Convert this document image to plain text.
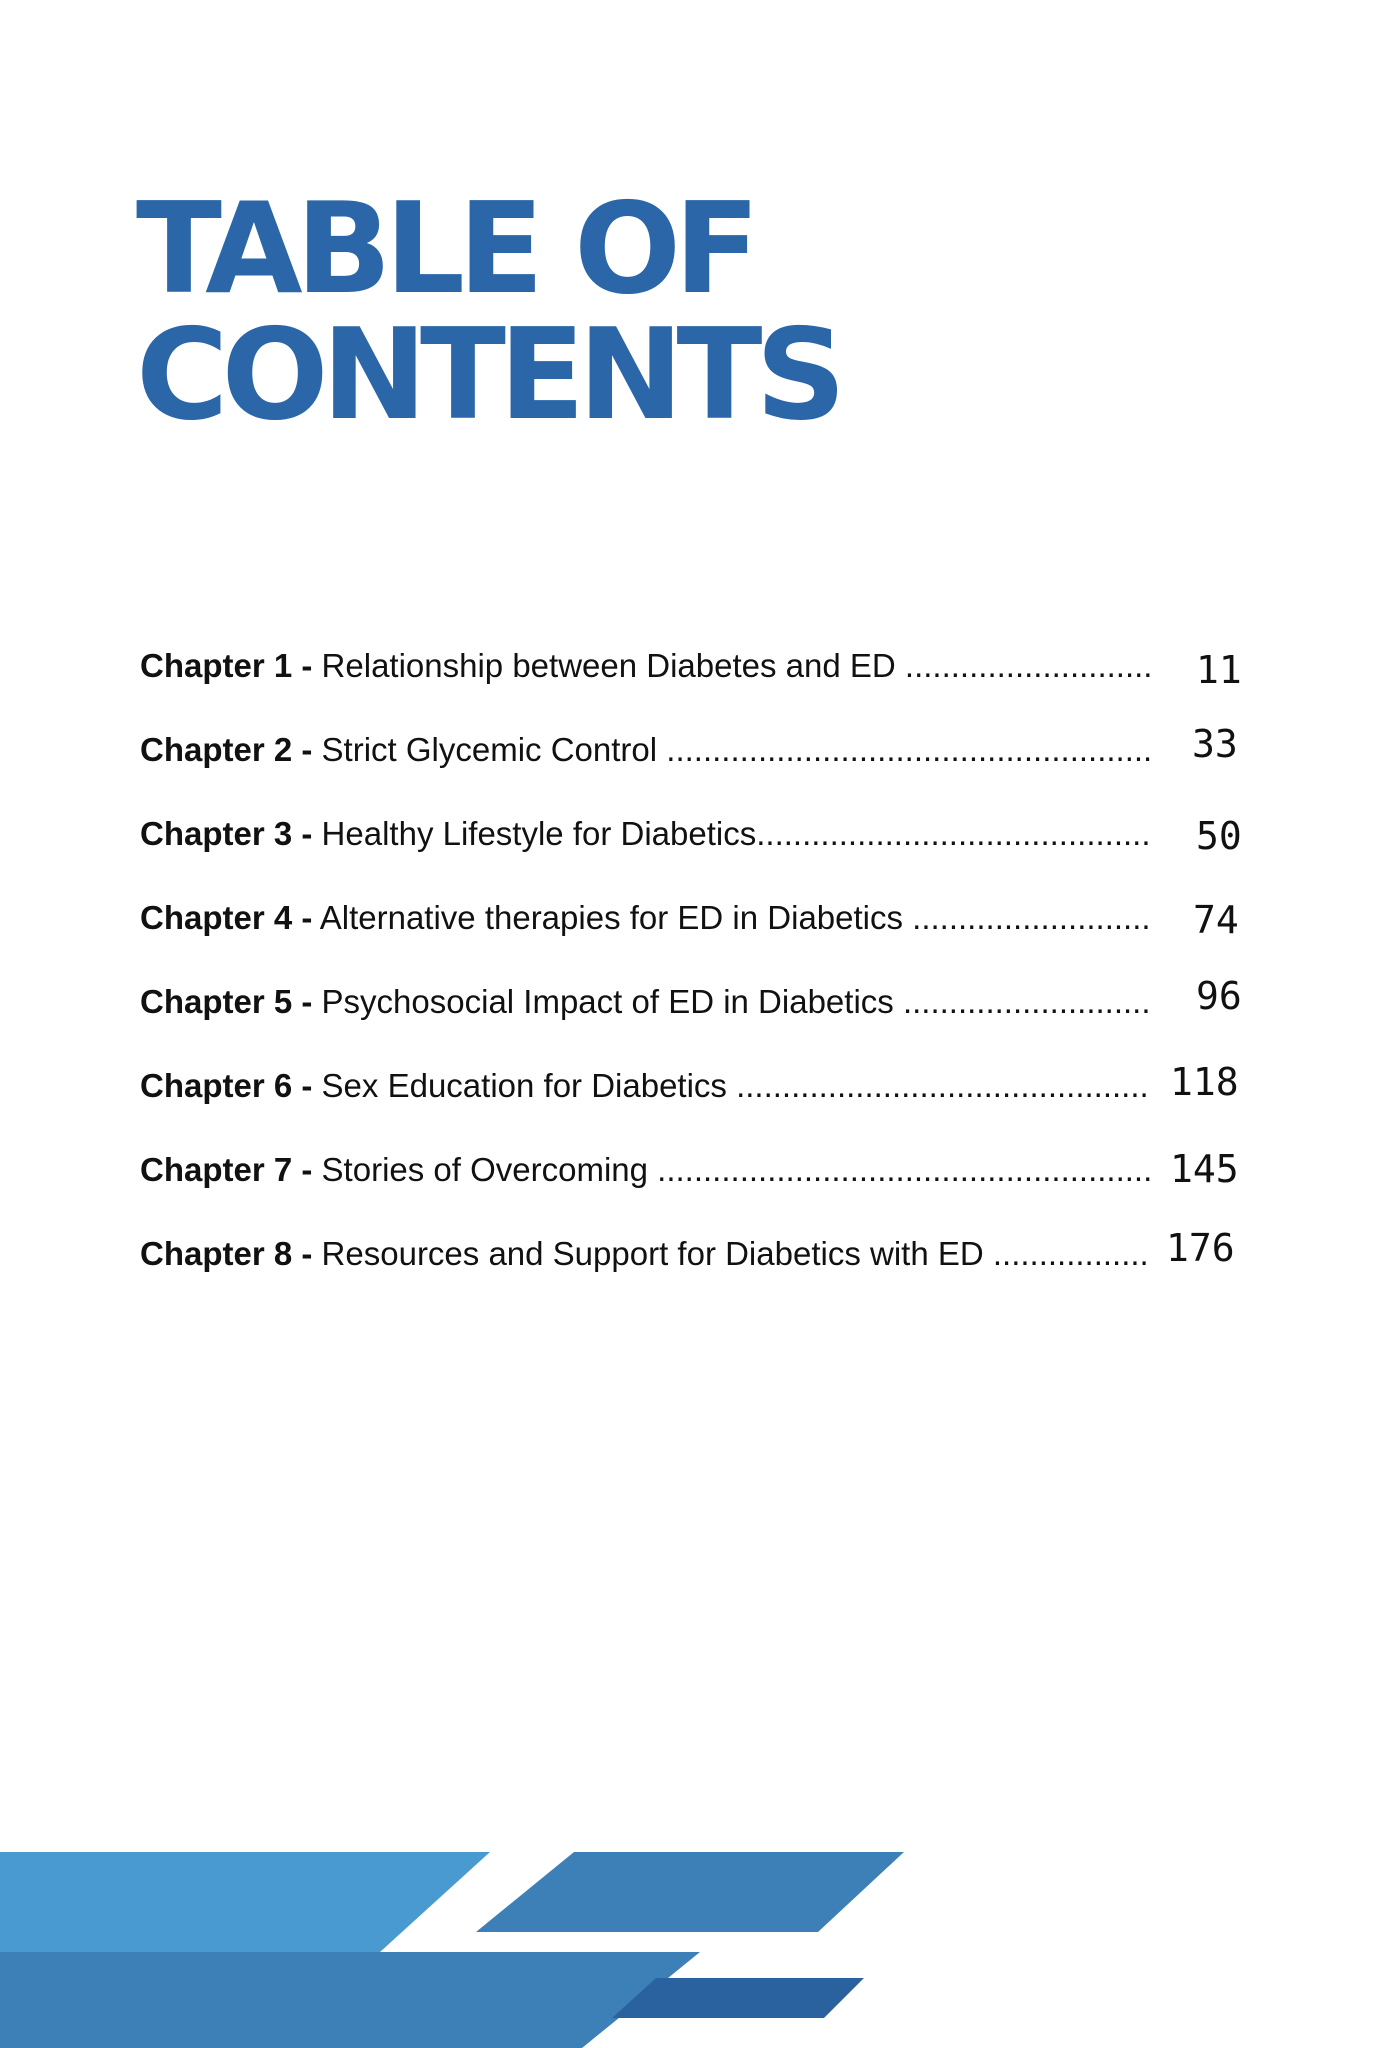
TABLE OF
CONTENTS
Chapter 1 - Relationship between Diabetes and ED ........................... 11
Chapter 2 - Strict Glycemic Control ..................................................... 33
Chapter 3 - Healthy Lifestyle for Diabetics...........................................	50
Chapter 4 - Alternative therapies for ED in Diabetics ..........................	74
Chapter 5 - Psychosocial Impact of ED in Diabetics ...........................	96
Chapter 6 - Sex Education for Diabetics ............................................. 118
Chapter 7 - Stories of Overcoming ...................................................... 145
Chapter 8 - Resources and Support for Diabetics with ED ................. 176
